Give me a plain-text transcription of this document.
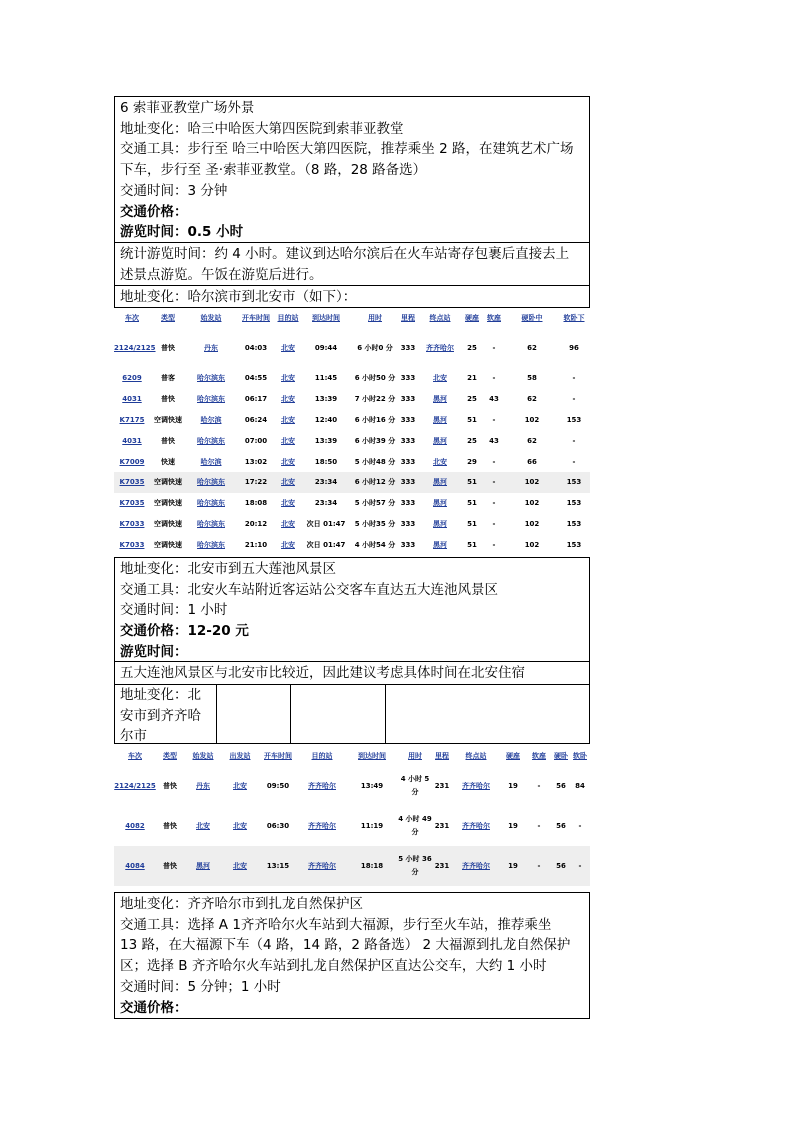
6 索菲亚教堂广场外景
地址变化：哈三中哈医大第四医院到索菲亚教堂
交通工具：步行至 哈三中哈医大第四医院，推荐乘坐 2 路，在建筑艺术广场
下车，步行至 圣·索菲亚教堂。（8 路，28 路备选）
交通时间：3 分钟
交通价格：
游览时间：0.5 小时
统计游览时间：约 4 小时。建议到达哈尔滨后在火车站寄存包裹后直接去上
述景点游览。午饭在游览后进行。
地址变化：哈尔滨市到北安市（如下）：
车次	类型	始发站	开车时间	目的站	到达时间	用时	里程	终点站	硬座	软座	硬卧中	软卧下
2124/2125	普快	丹东	04:03	北安	09:44	6 小时0 分	333	齐齐哈尔	25	-	62	96
6209	普客	哈尔滨东	04:55	北安	11:45	6 小时50 分	333	北安	21	-	58	-
4031	普快	哈尔滨东	06:17	北安	13:39	7 小时22 分	333	黑河	25	43	62	-
K7175	空调快速	哈尔滨	06:24	北安	12:40	6 小时16 分	333	黑河	51	-	102	153
4031	普快	哈尔滨东	07:00	北安	13:39	6 小时39 分	333	黑河	25	43	62	-
K7009	快速	哈尔滨	13:02	北安	18:50	5 小时48 分	333	北安	29	-	66	-
K7035	空调快速	哈尔滨东	17:22	北安	23:34	6 小时12 分	333	黑河	51	-	102	153
K7035	空调快速	哈尔滨东	18:08	北安	23:34	5 小时57 分	333	黑河	51	-	102	153
K7033	空调快速	哈尔滨东	20:12	北安	次日 01:47	5 小时35 分	333	黑河	51	-	102	153
K7033	空调快速	哈尔滨东	21:10	北安	次日 01:47	4 小时54 分	333	黑河	51	-	102	153
地址变化：北安市到五大莲池风景区
交通工具：北安火车站附近客运站公交客车直达五大连池风景区
交通时间：1 小时
交通价格：12-20 元
游览时间：
五大连池风景区与北安市比较近，因此建议考虑具体时间在北安住宿
地址变化：北
安市到齐齐哈
尔市
车次	类型	始发站	出发站	开车时间	目的站	到达时间	用时	里程	终点站	硬座	软座	硬卧	软卧
2124/2125	普快	丹东	北安	09:50	齐齐哈尔	13:49	4 小时 5 分	231	齐齐哈尔	19	-	56	84
4082	普快	北安	北安	06:30	齐齐哈尔	11:19	4 小时 49 分	231	齐齐哈尔	19	-	56	-
4084	普快	黑河	北安	13:15	齐齐哈尔	18:18	5 小时 36 分	231	齐齐哈尔	19	-	56	-
地址变化：齐齐哈尔市到扎龙自然保护区
交通工具：选择 A 1齐齐哈尔火车站到大福源，步行至火车站，推荐乘坐
13 路，在大福源下车（4 路，14 路，2 路备选） 2 大福源到扎龙自然保护
区；选择 B 齐齐哈尔火车站到扎龙自然保护区直达公交车，大约 1 小时
交通时间：5 分钟；1 小时
交通价格：
